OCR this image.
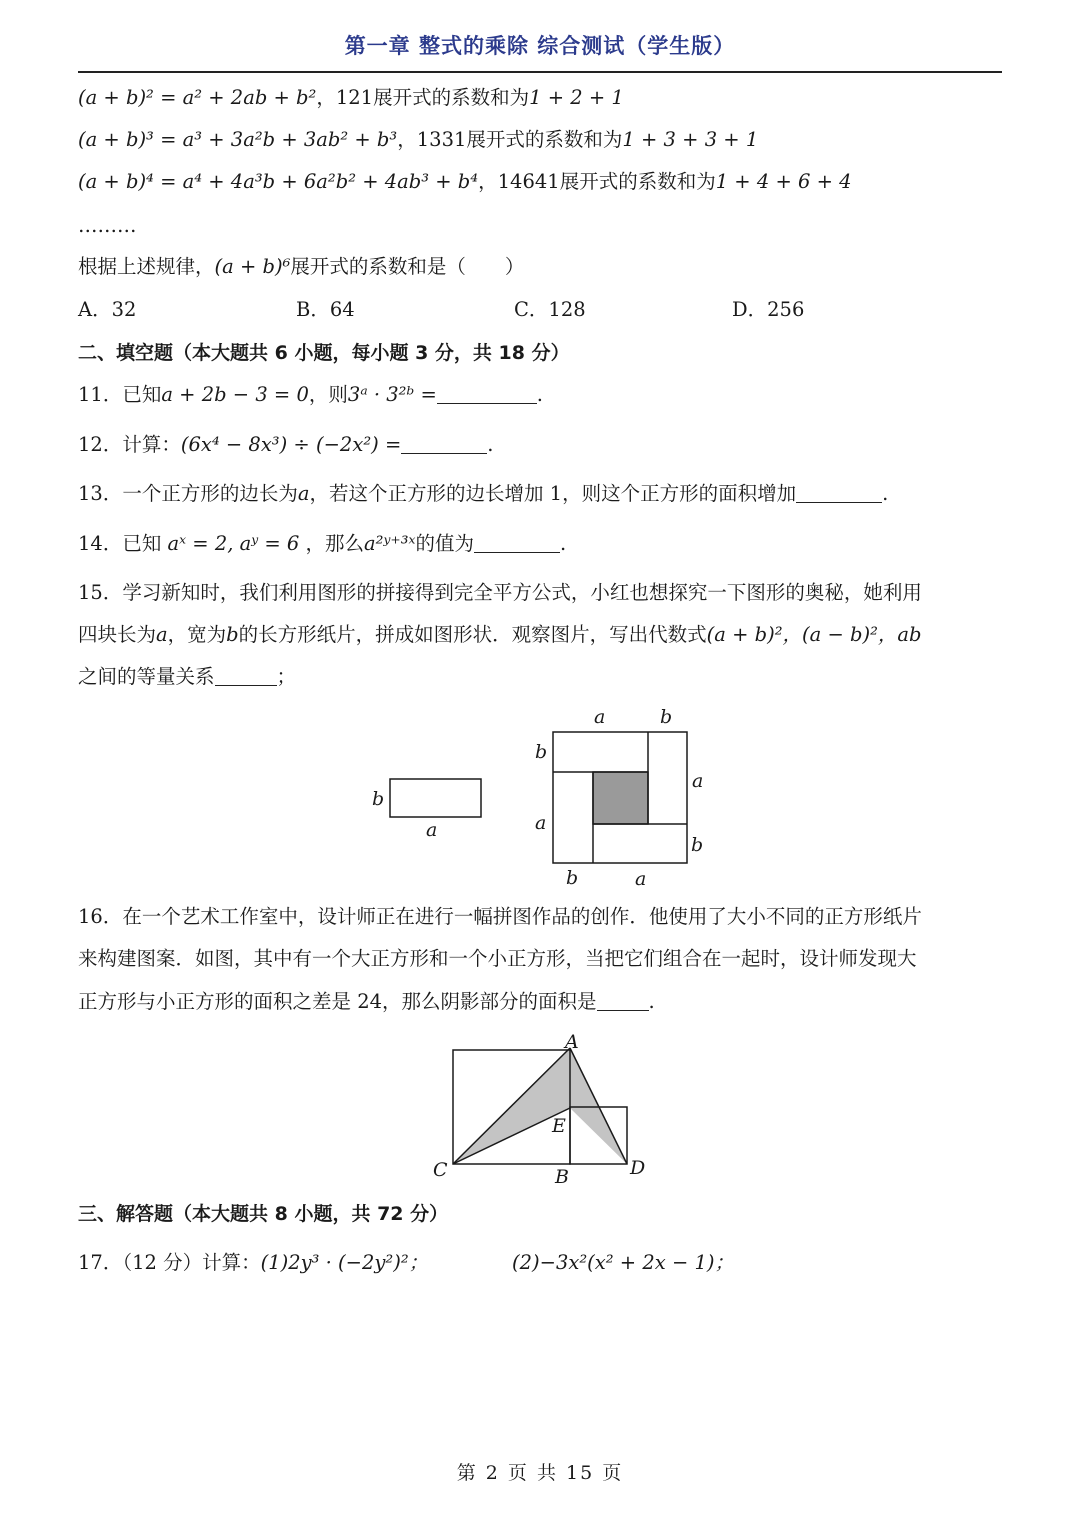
第一章 整式的乘除 综合测试（学生版）
(a + b)² = a² + 2ab + b²，121展开式的系数和为1 + 2 + 1
(a + b)³ = a³ + 3a²b + 3ab² + b³，1331展开式的系数和为1 + 3 + 3 + 1
(a + b)⁴ = a⁴ + 4a³b + 6a²b² + 4ab³ + b⁴，14641展开式的系数和为1 + 4 + 6 + 4
………
根据上述规律，(a + b)⁶展开式的系数和是（　　）
A．32	B．64	C．128	D．256
二、填空题（本大题共 6 小题，每小题 3 分，共 18 分）
11．已知a + 2b − 3 = 0，则3ᵃ · 3²ᵇ =	.
12．计算：(6x⁴ − 8x³) ÷ (−2x²) =	.
13．一个正方形的边长为a，若这个正方形的边长增加 1，则这个正方形的面积增加	.
14．已知 aˣ = 2, aʸ = 6 ，那么a²ʸ⁺³ˣ的值为	.
15．学习新知时，我们利用图形的拼接得到完全平方公式，小红也想探究一下图形的奥秘，她利用
四块长为a，宽为b的长方形纸片，拼成如图形状．观察图片，写出代数式(a + b)²，(a − b)²，ab
之间的等量关系	；
b
a
a	b
b
a
a
b
b	a
16．在一个艺术工作室中，设计师正在进行一幅拼图作品的创作．他使用了大小不同的正方形纸片
来构建图案．如图，其中有一个大正方形和一个小正方形，当把它们组合在一起时，设计师发现大
正方形与小正方形的面积之差是 24，那么阴影部分的面积是	.
A
E
C	B	D
三、解答题（本大题共 8 小题，共 72 分）
17．（12 分）计算：(1)2y³ · (−2y²)²；	(2)−3x²(x² + 2x − 1)；
第 2 页 共 15 页
